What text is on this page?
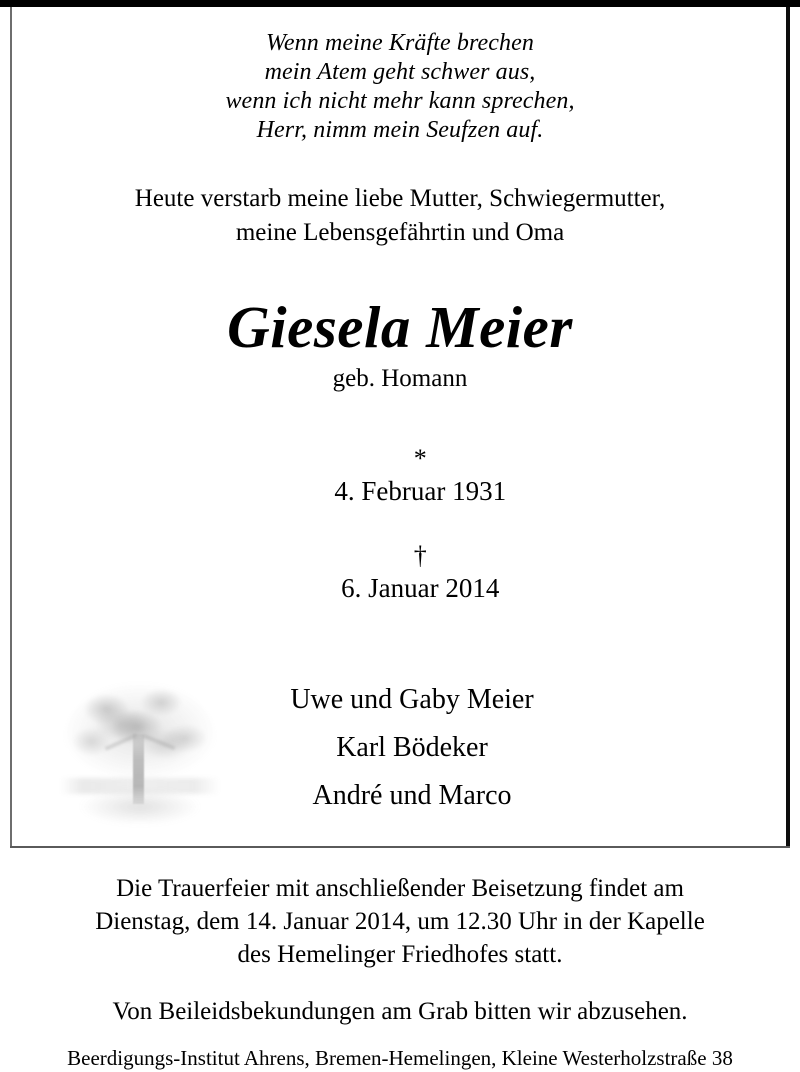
Wenn meine Kräfte brechen
mein Atem geht schwer aus,
wenn ich nicht mehr kann sprechen,
Herr, nimm mein Seufzen auf.
Heute verstarb meine liebe Mutter, Schwiegermutter,
meine Lebensgefährtin und Oma
Giesela Meier
geb. Homann

*
4. Februar 1931

†
6. Januar 2014

Uwe und Gaby Meier
Karl Bödeker
André und Marco
Die Trauerfeier mit anschließender Beisetzung findet am
Dienstag, dem 14. Januar 2014, um 12.30 Uhr in der Kapelle
des Hemelinger Friedhofes statt.
Von Beileidsbekundungen am Grab bitten wir abzusehen.
Beerdigungs-Institut Ahrens, Bremen-Hemelingen, Kleine Westerholzstraße 38
